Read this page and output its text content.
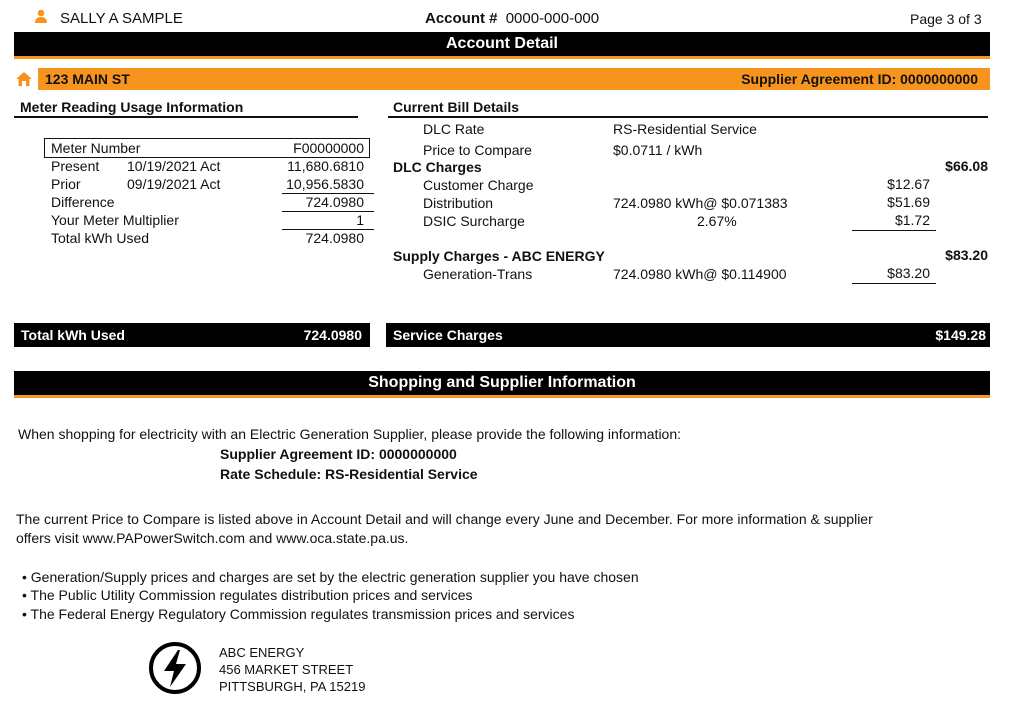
SALLY A SAMPLE	Account # 0000-000-000	Page 3 of 3
Account Detail
123 MAIN ST	Supplier Agreement ID: 0000000000
Meter Reading Usage Information
Meter Number	F00000000
Present 10/19/2021 Act	11,680.6810
Prior	09/19/2021 Act	10,956.5830
Difference	724.0980
Your Meter Multiplier	1
Total kWh Used	724.0980
Current Bill Details
DLC Rate	RS-Residential Service
Price to Compare	$0.0711 / kWh
DLC Charges	$66.08
Customer Charge	$12.67
Distribution	724.0980 kWh@ $0.071383	$51.69
DSIC Surcharge	2.67%	$1.72
Supply Charges - ABC ENERGY	$83.20
Generation-Trans	724.0980 kWh@ $0.114900	$83.20
Total kWh Used	724.0980 Service Charges	$149.28
Shopping and Supplier Information
When shopping for electricity with an Electric Generation Supplier, please provide the following information:
Supplier Agreement ID: 0000000000
Rate Schedule: RS-Residential Service
The current Price to Compare is listed above in Account Detail and will change every June and December. For more information & supplier
offers visit www.PAPowerSwitch.com and www.oca.state.pa.us.
• Generation/Supply prices and charges are set by the electric generation supplier you have chosen
• The Public Utility Commission regulates distribution prices and services
• The Federal Energy Regulatory Commission regulates transmission prices and services
ABC ENERGY
456 MARKET STREET
PITTSBURGH, PA 15219
